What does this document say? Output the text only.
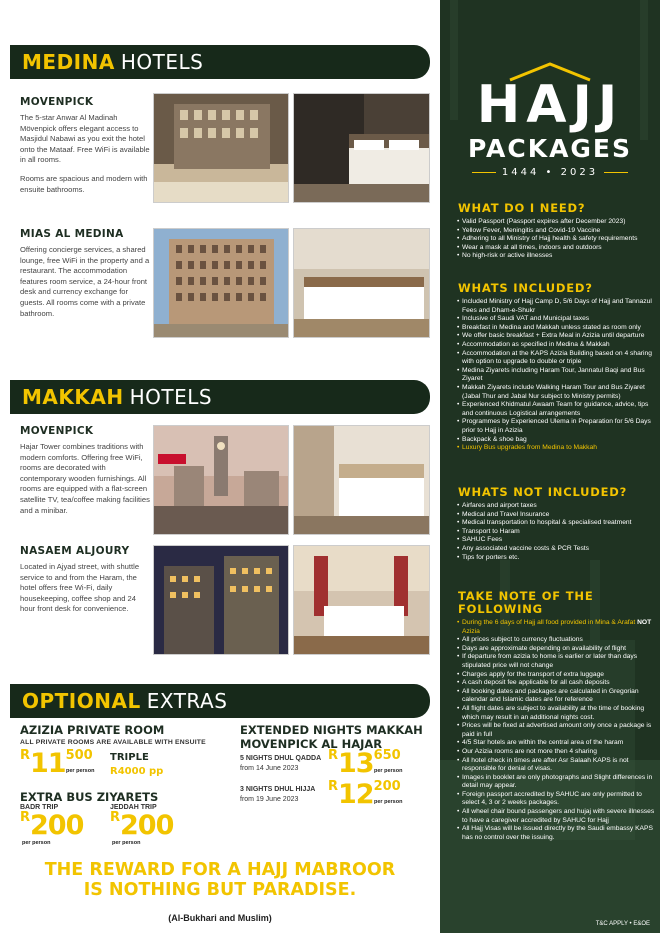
MEDINA HOTELS
MOVENPICK

The 5-star Anwar Al Madinah Mövenpick offers elegant access to Masjidul Nabawi as you exit the hotel onto the Mataaf. Free WiFi is available in all rooms.

Rooms are spacious and modern with ensuite bathrooms.

MIAS AL MEDINA

Offering concierge services, a shared lounge, free WiFi in the property and a restaurant. The accommodation features room service, a 24-hour front desk and currency exchange for guests. All rooms come with a private bathroom.

MAKKAH HOTELS
MOVENPICK

Hajar Tower combines traditions with modern comforts. Offering free WiFi, rooms are decorated with contemporary wooden furnishings. All rooms are equipped with a flat-screen satellite TV, tea/coffee making facilities and a minibar.

NASAEM ALJOURY

Located in Ajyad street, with shuttle service to and from the Haram, the hotel offers free Wi-Fi, daily housekeeping, coffee shop and 24 hour front desk for convenience.

OPTIONAL EXTRAS
AZIZIA PRIVATE ROOM
ALL PRIVATE ROOMS ARE AVAILABLE WITH ENSUITE
$^R11^{500}$
per person
TRIPLE
R4000 pp
EXTRA BUS ZIYARETS
BADR TRIP	JEDDAH TRIP
$^R$200
per person
$^R$200
per person
EXTENDED NIGHTS MAKKAH
MOVENPICK AL HAJAR
5 NIGHTS DHUL QADDA
from 14 June 2023
$^R13^{650}$
per person
3 NIGHTS DHUL HIJJA
from 19 June 2023
$^R12^{200}$
per person
THE REWARD FOR A HAJJ MABROOR
IS NOTHING BUT PARADISE.
(Al-Bukhari and Muslim)
HAJJ
PACKAGES
1444 • 2023
WHAT DO I NEED?
• Valid Passport (Passport expires after December 2023)
• Yellow Fever, Meningitis and Covid-19 Vaccine
• Adhering to all Ministry of Hajj health & safety requirements
• Wear a mask at all times, indoors and outdoors
• No high-risk or active illnesses
WHATS INCLUDED?
• Included Ministry of Hajj Camp D, 5/6 Days of Hajj and Tannazul Fees and Dham-e-Shukr
• Inclusive of Saudi VAT and Municipal taxes
• Breakfast in Medina and Makkah unless stated as room only
• We offer basic breakfast + Extra Meal in Azizia until departure
• Accommodation as specified in Medina & Makkah
• Accommodation at the KAPS Azizia Building based on 4 sharing with option to upgrade to double or triple
• Medina Ziyarets including Haram Tour, Jannatul Baqi and Bus Ziyaret
• Makkah Ziyarets include Walking Haram Tour and Bus Ziyaret (Jabal Thur and Jabal Nur subject to Ministry permits)
• Experienced Khidmatul Awaam Team for guidance, advice, tips and continuous Logistical arrangements
• Programmes by Experienced Ulema in Preparation for 5/6 Days prior to Hajj in Azizia
• Backpack & shoe bag
• Luxury Bus upgrades from Medina to Makkah
WHATS NOT INCLUDED?
• Airfares and airport taxes
• Medical and Travel Insurance
• Medical transportation to hospital & specialised treatment
• Transport to Haram
• SAHUC Fees
• Any associated vaccine costs & PCR Tests
• Tips for porters etc.
TAKE NOTE OF THE
FOLLOWING
• During the 6 days of Hajj all food provided in Mina & Arafat NOT Azizia
• All prices subject to currency fluctuations
• Days are approximate depending on availability of flight
• If departure from azizia to home is earlier or later than days stipulated price will not change
• Charges apply for the transport of extra luggage
• A cash deposit fee applicable for all cash deposits
• All booking dates and packages are calculated in Gregorian calendar and Islamic dates are for reference
• All flight dates are subject to availability at the time of booking which may result in an additional nights cost.
• Prices will be fixed at advertised amount only once a package is paid in full
• 4/5 Star hotels are within the central area of the haram
• Our Azizia rooms are not more then 4 sharing
• All hotel check in times are after Asr Salaah KAPS is not responsible for denial of visas.
• Images in booklet are only photographs and Slight differences in detail may appear.
• Foreign passport accredited by SAHUC are only permitted to select 4, 3 or 2 weeks packages.
• All wheel chair bound passengers and hujaj with severe illnesses to have a caregiver accredited by SAHUC for Hajj
• All Hajj Visas will be issued directly by the Saudi embassy KAPS has no control over the issuing.
T&C APPLY • E&OE
